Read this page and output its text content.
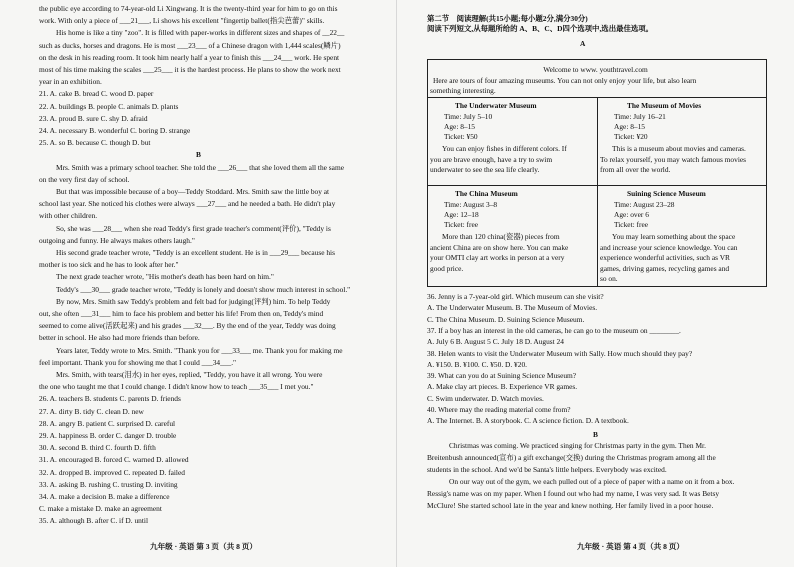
the public eye according to 74-year-old Li Xingwang. It is the twenty-third year for him to go on this
work. With only a piece of ___21___, Li shows his excellent "fingertip ballet(指尖芭蕾)" skills.
His home is like a tiny "zoo". It is filled with paper-works in different sizes and shapes of __22__
such as ducks, horses and dragons. He is most ___23___ of a Chinese dragon with 1,444 scales(鳞片)
on the desk in his reading room. It took him nearly half a year to finish this ___24___ work. He spent
most of his time making the scales ___25___ it is the hardest process. He plans to show the work next
year in an exhibition.
21. A. cake B. bread C. wood D. paper
22. A. buildings B. people C. animals D. plants
23. A. proud B. sure C. shy D. afraid
24. A. necessary B. wonderful C. boring D. strange
25. A. so B. because C. though D. but
B
Mrs. Smith was a primary school teacher. She told the ___26___ that she loved them all the same
on the very first day of school.
But that was impossible because of a boy—Teddy Stoddard. Mrs. Smith saw the little boy at
school last year. She noticed his clothes were always ___27___ and he needed a bath. He didn't play
with other children.
So, she was ___28___ when she read Teddy's first grade teacher's comment(评价), "Teddy is
outgoing and funny. He always makes others laugh."
His second grade teacher wrote, "Teddy is an excellent student. He is in ___29___ because his
mother is too sick and he has to look after her."
The next grade teacher wrote, "His mother's death has been hard on him."
Teddy's ___30___ grade teacher wrote, "Teddy is lonely and doesn't show much interest in school."
By now, Mrs. Smith saw Teddy's problem and felt bad for judging(评判) him. To help Teddy
out, she often ___31___ him to face his problem and better his life! From then on, Teddy's mind
seemed to come alive(活跃起来) and his grades ___32___. By the end of the year, Teddy was doing
better in school. He also had more friends than before.
Years later, Teddy wrote to Mrs. Smith. "Thank you for ___33___ me. Thank you for making me
feel important. Thank you for showing me that I could ___34___."
Mrs. Smith, with tears(泪水) in her eyes, replied, "Teddy, you have it all wrong. You were
the one who taught me that I could change. I didn't know how to teach ___35___ I met you."
26. A. teachers B. students C. parents D. friends
27. A. dirty B. tidy C. clean D. new
28. A. angry B. patient C. surprised D. careful
29. A. happiness B. order C. danger D. trouble
30. A. second B. third C. fourth D. fifth
31. A. encouraged B. forced C. warned D. allowed
32. A. dropped B. improved C. repeated D. failed
33. A. asking B. rushing C. trusting D. inviting
34. A. make a decision B. make a difference
C. make a mistake D. make an agreement
35. A. although B. after C. if D. until
九年级 · 英语 第 3 页（共 8 页）
第二节　阅读理解(共15小题;每小题2分,满分30分)
阅读下列短文,从每题所给的 A、B、C、D四个选项中,选出最佳选项。
A
Welcome to www. youthtravel.com
Here are tours of four amazing museums. You can not only enjoy your life, but also learn
something interesting.
The Underwater Museum
Time: July 5–10
Age: 8–15
Ticket: ¥50
You can enjoy fishes in different colors. If
you are brave enough, have a try to swim
underwater to see the sea life clearly.
The Museum of Movies
Time: July 16–21
Age: 8–15
Ticket: ¥20
This is a museum about movies and cameras.
To relax yourself, you may watch famous movies
from all over the world.
The China Museum
Time: August 3–8
Age: 12–18
Ticket: free
More than 120 china(瓷器) pieces from
ancient China are on show here. You can make
your OMTI clay art works in person at a very
good price.
Suining Science Museum
Time: August 23–28
Age: over 6
Ticket: free
You may learn something about the space
and increase your science knowledge. You can
experience wonderful activities, such as VR
games, driving games, recycling games and
so on.
36. Jenny is a 7-year-old girl. Which museum can she visit?
A. The Underwater Museum. B. The Museum of Movies.
C. The China Museum. D. Suining Science Museum.
37. If a boy has an interest in the old cameras, he can go to the museum on ________.
A. July 6 B. August 5 C. July 18 D. August 24
38. Helen wants to visit the Underwater Museum with Sally. How much should they pay?
A. ¥150. B. ¥100. C. ¥50. D. ¥20.
39. What can you do at Suining Science Museum?
A. Make clay art pieces. B. Experience VR games.
C. Swim underwater. D. Watch movies.
40. Where may the reading material come from?
A. The Internet. B. A storybook. C. A science fiction. D. A textbook.
B
Christmas was coming. We practiced singing for Christmas party in the gym. Then Mr.
Breitenbush announced(宣布) a gift exchange(交换) during the Christmas program among all the
students in the school. And we'd be Santa's little helpers. Everybody was excited.
On our way out of the gym, we each pulled out of a piece of paper with a name on it from a box.
Ressig's name was on my paper. When I found out who had my name, I was very sad. It was Betsy
McClure! She started school late in the year and knew nothing. Her family lived in a poor house.
九年级 · 英语 第 4 页（共 8 页）
